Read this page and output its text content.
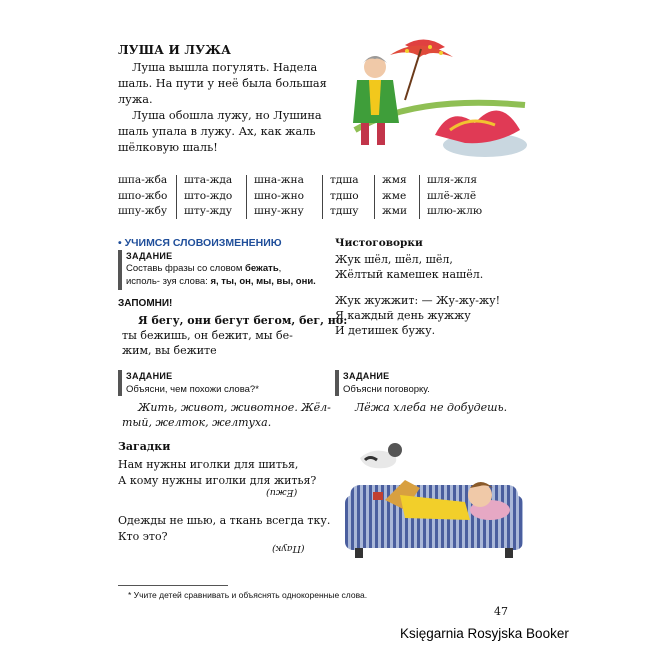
ЛУША И ЛУЖА

Луша вышла погулять. Надела шаль. На пути у неё была большая лужа.

Луша обошла лужу, но Лушина шаль упала в лужу. Ах, как жаль шёлковую шаль!

шпа-жба
шпо-жбо
шпу-жбу
шта-жда
што-ждо
шту-жду
шна-жна
шно-жно
шну-жну
тдша
тдшо
тдшу
жмя
жме
жми
шля-жля
шлё-жлё
шлю-жлю
• УЧИМСЯ СЛОВОИЗМЕНЕНИЮ
ЗАДАНИЕ
Составь фразы со словом бежать, исполь- зуя слова: я, ты, он, мы, вы, они.
ЗАПОМНИ!
Я бегу, они бегут бегом, бег, но:
ты бежишь, он бежит, мы бе-
жим, вы бежите
ЗАДАНИЕ
Объясни, чем похожи слова?*
Жить, живот, животное. Жёл-
тый, желток, желтуха.
Загадки
Нам нужны иголки для шитья,
А кому нужны иголки для житья?
(Ежи)
Одежды не шью, а ткань всегда тку.
Кто это?
(Паук)
Чистоговорки
Жук шёл, шёл, шёл,
Жёлтый камешек нашёл.
Жук жужжит: — Жу-жу-жу!
Я каждый день жужжу
И детишек бужу.
ЗАДАНИЕ
Объясни поговорку.
Лёжа хлеба не добудешь.
* Учите детей сравнивать и объяснять однокоренные слова.
47
Księgarnia Rosyjska Booker
